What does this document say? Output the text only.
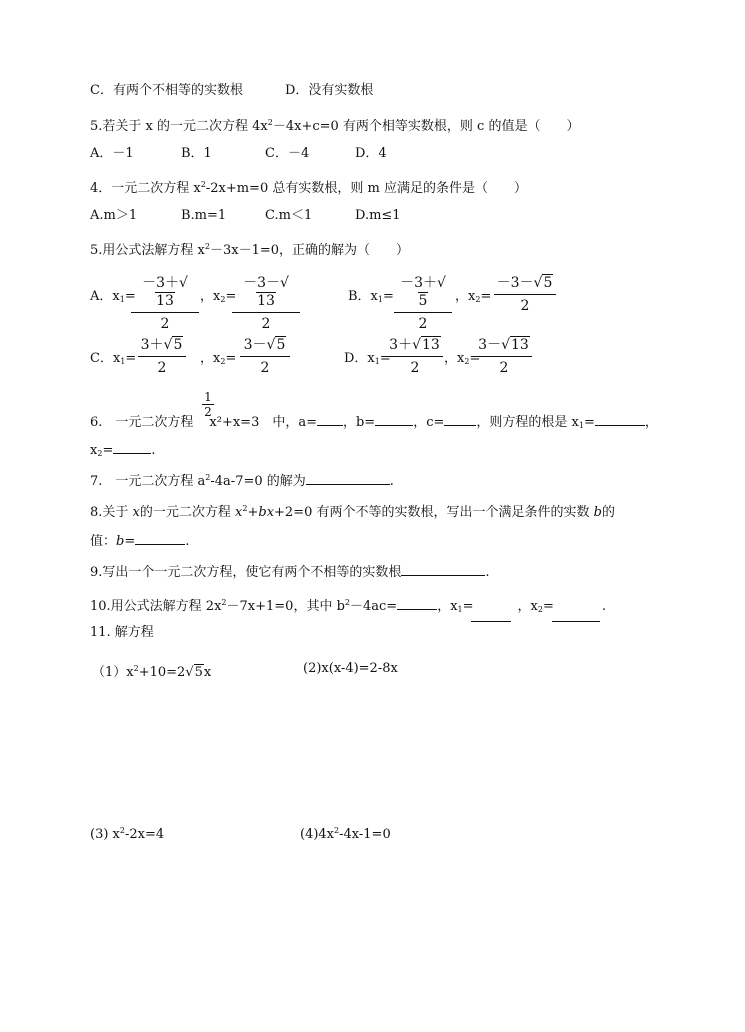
C．有两个不相等的实数根	D．没有实数根
5.若关于 x 的一元二次方程 $4x^2-4x+c=0$ 有两个相等实数根，则 c 的值是（　　）
A．－1	B．1	C．－4	D．4
4．一元二次方程 $x^2-2x+m=0$ 总有实数根，则 m 应满足的条件是（　　）
A.m＞1	B.m=1	C.m＜1	D.m≤1
5.用公式法解方程 $x^2-3x-1=0$，正确的解为（　　）
A．$x_1=$
$\frac{-3+√13}{2}$ ，$x_2=$
$\frac{-3-√13}{2}$	B．$x_1= \frac{-3+√5}{2}$ ，$x_2= \frac{-3-√5}{2}$
C．$x_1= \frac{3+√5}{2}$ ，$x_2= \frac{3-√5}{2}$	D．$x_1=$
$\frac{3+√13}{2}$ ，$x_2=$
$\frac{3-√13}{2}$
6.　一元二次方程 x²+x=3　中，a= ，b=	，c= ，则方程的根是 $x_1=$	，
$\frac{1}{2}$
$x_2=$	.
7.　一元二次方程 $a^2-4a-7=0$ 的解为	.
8.关于 x的一元二次方程 $x^2+bx+2=0$ 有两个不等的实数根，写出一个满足条件的实数 b的
值：b=	.
9.写出一个一元二次方程，使它有两个不相等的实数根	.
10.用公式法解方程 $2x^2-7x+1=0$，其中 $b^2-4ac=$	，$x_1=$	，$x_2=$	.
11. 解方程
$(1)x^2+10=2√5x$	(2)x(x-4)=2-8x
(3) $x^2-2x=4$	$(4)4x^2-4x-1=0$
